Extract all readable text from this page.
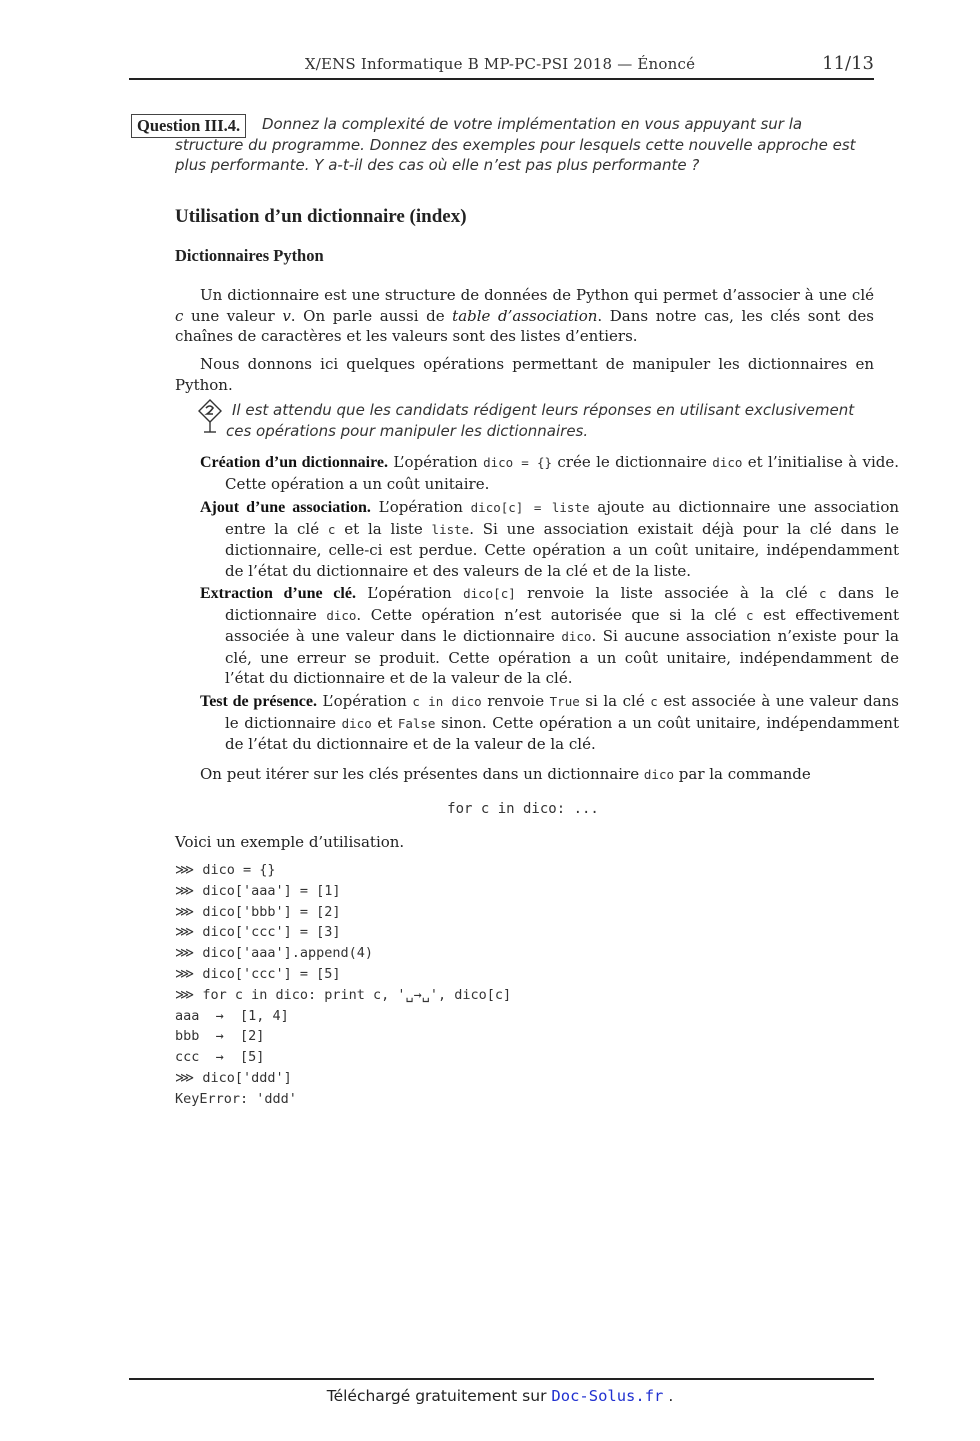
X/ENS Informatique B MP-PC-PSI 2018 — Énoncé	11/13
Donnez la complexité de votre implémentation en vous appuyant sur la structure du programme. Donnez des exemples pour lesquels cette nouvelle approche est plus performante. Y a-t-il des cas où elle n’est pas plus performante ?
Question III.4.
Utilisation d’un dictionnaire (index)
Dictionnaires Python
Un dictionnaire est une structure de données de Python qui permet d’associer à une clé c une valeur v. On parle aussi de table d’association. Dans notre cas, les clés sont des chaînes de caractères et les valeurs sont des listes d’entiers.
Nous donnons ici quelques opérations permettant de manipuler les dictionnaires en Python.
Il est attendu que les candidats rédigent leurs réponses en utilisant exclusivement ces opérations pour manipuler les dictionnaires.
Création d’un dictionnaire. L’opération dico = {} crée le dictionnaire dico et l’initialise à vide. Cette opération a un coût unitaire.
Ajout d’une association. L’opération dico[c] = liste ajoute au dictionnaire une association entre la clé c et la liste liste. Si une association existait déjà pour la clé dans le dictionnaire, celle-ci est perdue. Cette opération a un coût unitaire, indépendamment de l’état du dictionnaire et des valeurs de la clé et de la liste.
Extraction d’une clé. L’opération dico[c] renvoie la liste associée à la clé c dans le dictionnaire dico. Cette opération n’est autorisée que si la clé c est effectivement associée à une valeur dans le dictionnaire dico. Si aucune association n’existe pour la clé, une erreur se produit. Cette opération a un coût unitaire, indépendamment de l’état du dictionnaire et de la valeur de la clé.
Test de présence. L’opération c in dico renvoie True si la clé c est associée à une valeur dans le dictionnaire dico et False sinon. Cette opération a un coût unitaire, indépendamment de l’état du dictionnaire et de la valeur de la clé.
On peut itérer sur les clés présentes dans un dictionnaire dico par la commande
for c in dico: ...
Voici un exemple d’utilisation.
⋙ dico = {}
⋙ dico['aaa'] = [1]
⋙ dico['bbb'] = [2]
⋙ dico['ccc'] = [3]
⋙ dico['aaa'].append(4)
⋙ dico['ccc'] = [5]
⋙ for c in dico: print c, '␣→␣', dico[c]
aaa  →  [1, 4]
bbb  →  [2]
ccc  →  [5]
⋙ dico['ddd']
KeyError: 'ddd'
Téléchargé gratuitement sur Doc-Solus.fr .
